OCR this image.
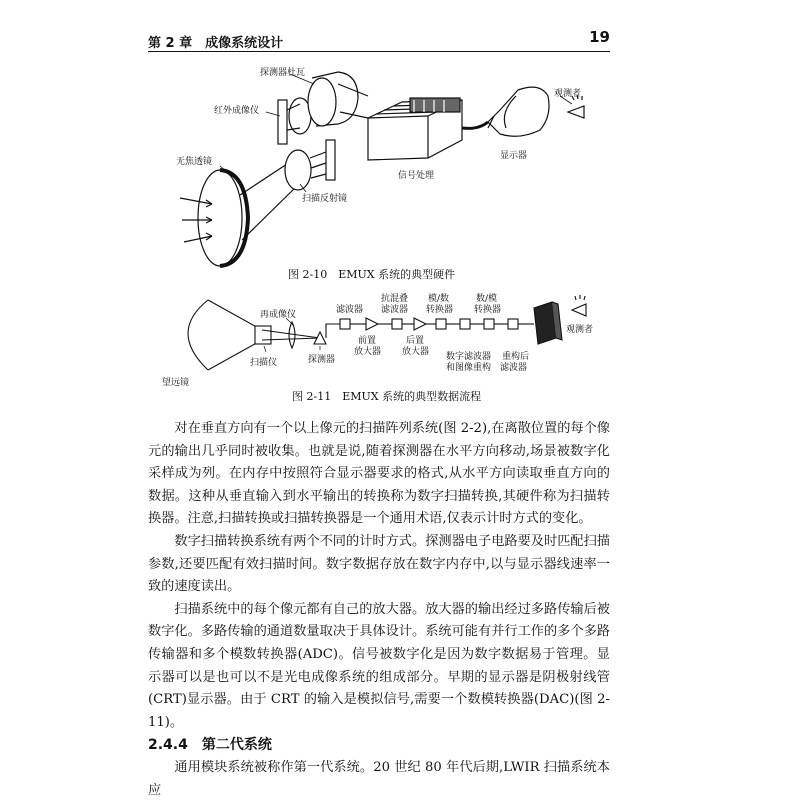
第 2 章　成像系统设计	19
探测器杜瓦
红外成像仪
无焦透镜
扫描反射镜
信号处理
显示器
观测者
图 2-10　EMUX 系统的典型硬件
再成像仪
扫描仪	探测器
望远镜
滤波器
前置
放大器
抗混叠
滤波器
后置
放大器
模/数
转换器
数字滤波器
和图像重构
数/模
转换器
重构后
滤波器
观测者
图 2-11　EMUX 系统的典型数据流程

对在垂直方向有一个以上像元的扫描阵列系统(图 2-2),在离散位置的每个像元的输出几乎同时被收集。也就是说,随着探测器在水平方向移动,场景被数字化采样成为列。在内存中按照符合显示器要求的格式,从水平方向读取垂直方向的数据。这种从垂直输入到水平输出的转换称为数字扫描转换,其硬件称为扫描转换器。注意,扫描转换或扫描转换器是一个通用术语,仅表示计时方式的变化。

数字扫描转换系统有两个不同的计时方式。探测器电子电路要及时匹配扫描参数,还要匹配有效扫描时间。数字数据存放在数字内存中,以与显示器线速率一致的速度读出。

扫描系统中的每个像元都有自己的放大器。放大器的输出经过多路传输后被数字化。多路传输的通道数量取决于具体设计。系统可能有并行工作的多个多路传输器和多个模数转换器(ADC)。信号被数字化是因为数字数据易于管理。显示器可以是也可以不是光电成像系统的组成部分。早期的显示器是阴极射线管(CRT)显示器。由于 CRT 的输入是模拟信号,需要一个数模转换器(DAC)(图 2-11)。

2.4.4　第二代系统

通用模块系统被称作第一代系统。20 世纪 80 年代后期,LWIR 扫描系统本应
